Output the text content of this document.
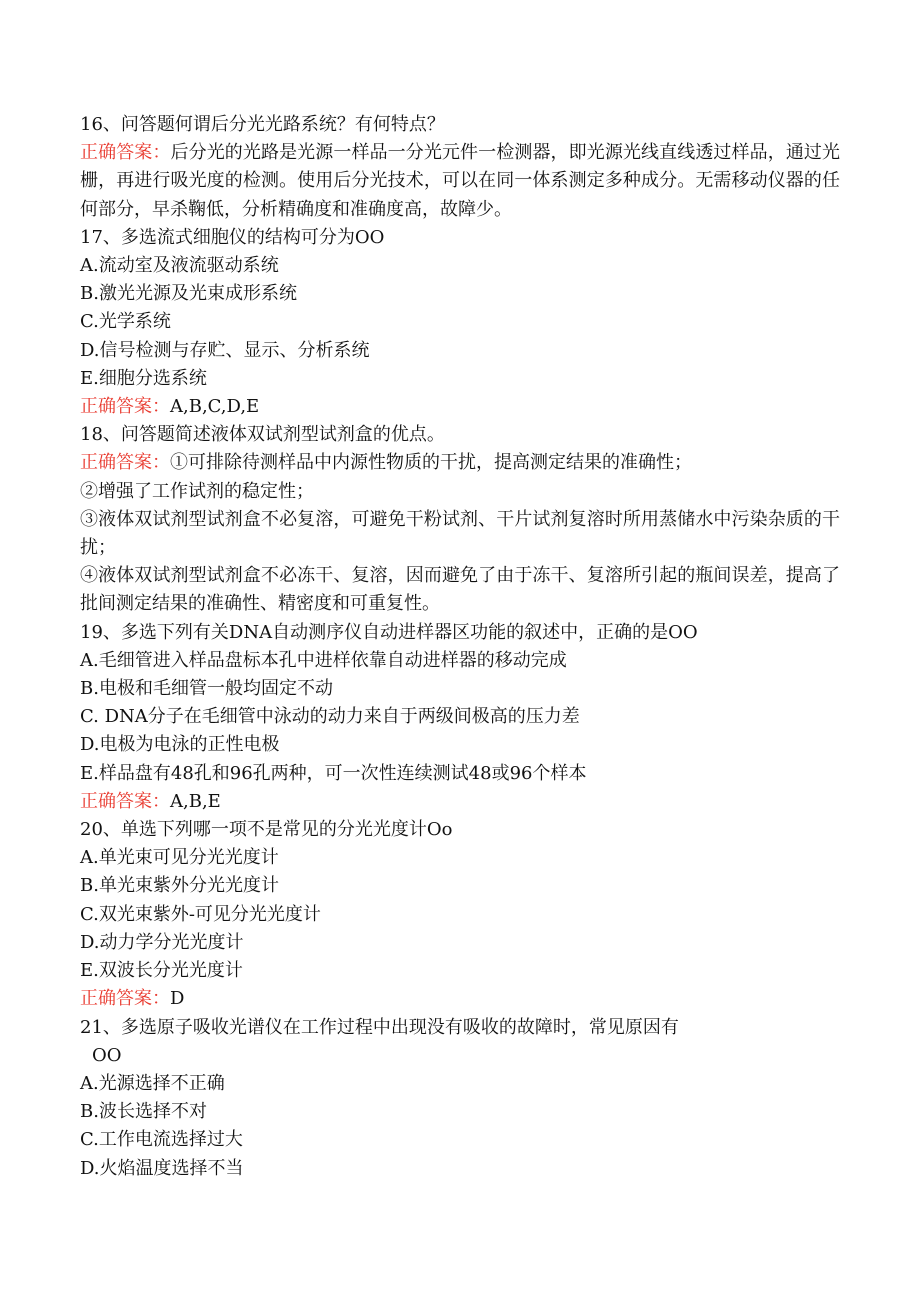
16、问答题何谓后分光光路系统？有何特点？
正确答案：后分光的光路是光源一样品一分光元件一检测器，即光源光线直线透过样品，通过光栅，再进行吸光度的检测。使用后分光技术，可以在同一体系测定多种成分。无需移动仪器的任何部分，早杀鞠低，分析精确度和准确度高，故障少。
17、多选流式细胞仪的结构可分为OO
A.流动室及液流驱动系统
B.激光光源及光束成形系统
C.光学系统
D.信号检测与存贮、显示、分析系统
E.细胞分选系统
正确答案：A,B,C,D,E
18、问答题简述液体双试剂型试剂盒的优点。
正确答案：①可排除待测样品中内源性物质的干扰，提高测定结果的准确性；
②增强了工作试剂的稳定性；
③液体双试剂型试剂盒不必复溶，可避免干粉试剂、干片试剂复溶时所用蒸储水中污染杂质的干扰；
④液体双试剂型试剂盒不必冻干、复溶，因而避免了由于冻干、复溶所引起的瓶间误差，提高了批间测定结果的准确性、精密度和可重复性。
19、多选下列有关DNA自动测序仪自动进样器区功能的叙述中，正确的是OO
A.毛细管进入样品盘标本孔中进样依靠自动进样器的移动完成
B.电极和毛细管一般均固定不动
C. DNA分子在毛细管中泳动的动力来自于两级间极高的压力差
D.电极为电泳的正性电极
E.样品盘有48孔和96孔两种，可一次性连续测试48或96个样本
正确答案：A,B,E
20、单选下列哪一项不是常见的分光光度计Oo
A.单光束可见分光光度计
B.单光束紫外分光光度计
C.双光束紫外-可见分光光度计
D.动力学分光光度计
E.双波长分光光度计
正确答案：D
21、多选原子吸收光谱仪在工作过程中出现没有吸收的故障时，常见原因有
OO
A.光源选择不正确
B.波长选择不对
C.工作电流选择过大
D.火焰温度选择不当
